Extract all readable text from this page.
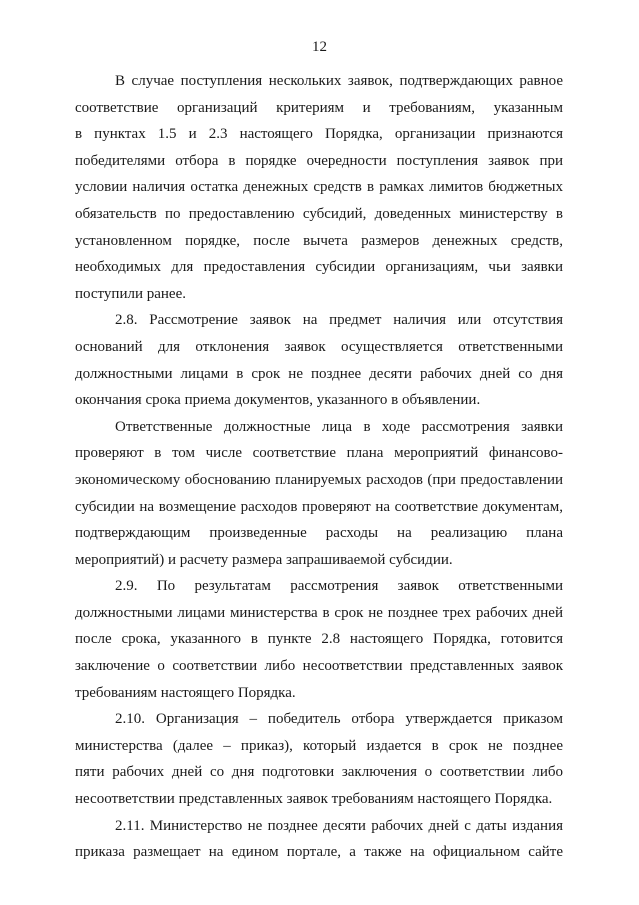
12
В случае поступления нескольких заявок, подтверждающих равное
соответствие организаций критериям и требованиям, указанным
в пунктах 1.5 и 2.3 настоящего Порядка, организации признаются
победителями отбора в порядке очередности поступления заявок при
условии наличия остатка денежных средств в рамках лимитов бюджетных
обязательств по предоставлению субсидий, доведенных министерству в
установленном порядке, после вычета размеров денежных средств,
необходимых для предоставления субсидии организациям, чьи заявки
поступили ранее.
2.8. Рассмотрение заявок на предмет наличия или отсутствия
оснований для отклонения заявок осуществляется ответственными
должностными лицами в срок не позднее десяти рабочих дней со дня
окончания срока приема документов, указанного в объявлении.
Ответственные должностные лица в ходе рассмотрения заявки
проверяют в том числе соответствие плана мероприятий финансово-
экономическому обоснованию планируемых расходов (при предоставлении
субсидии на возмещение расходов проверяют на соответствие документам,
подтверждающим произведенные расходы на реализацию плана
мероприятий) и расчету размера запрашиваемой субсидии.
2.9. По результатам рассмотрения заявок ответственными
должностными лицами министерства в срок не позднее трех рабочих дней
после срока, указанного в пункте 2.8 настоящего Порядка, готовится
заключение о соответствии либо несоответствии представленных заявок
требованиям настоящего Порядка.
2.10. Организация – победитель отбора утверждается приказом
министерства (далее – приказ), который издается в срок не позднее
пяти рабочих дней со дня подготовки заключения о соответствии либо
несоответствии представленных заявок требованиям настоящего Порядка.
2.11. Министерство не позднее десяти рабочих дней с даты издания
приказа размещает на едином портале, а также на официальном сайте
